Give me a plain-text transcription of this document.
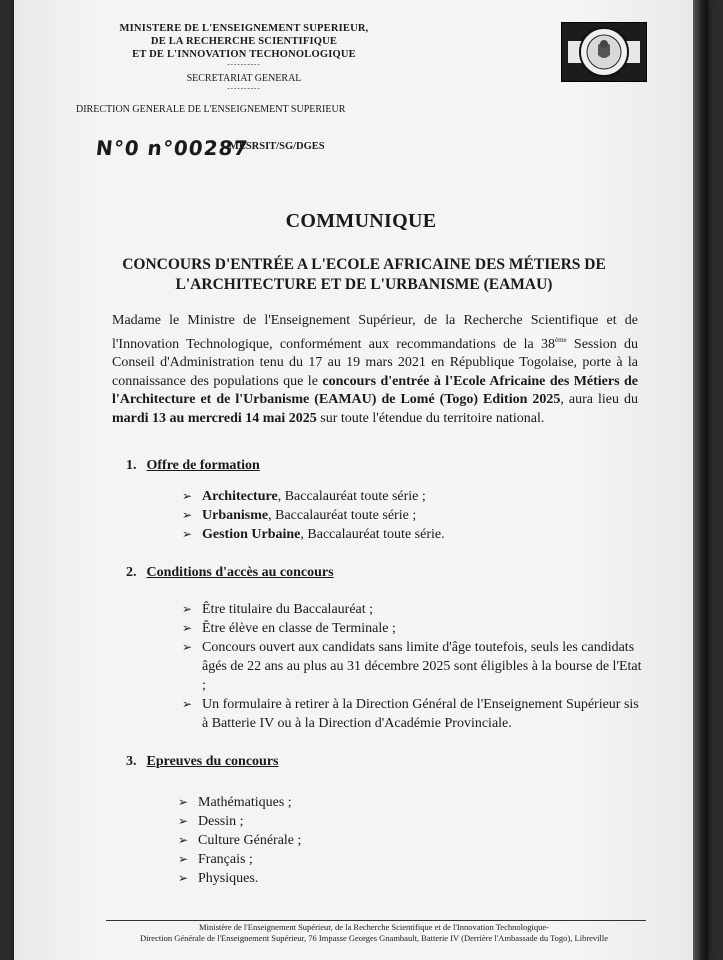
MINISTERE DE L'ENSEIGNEMENT SUPERIEUR,
DE LA RECHERCHE SCIENTIFIQUE
ET DE L'INNOVATION TECHONOLOGIQUE
----------
SECRETARIAT GENERAL
----------
DIRECTION GENERALE DE L'ENSEIGNEMENT SUPERIEUR
N°0 n°00287
/MESRSIT/SG/DGES
COMMUNIQUE
CONCOURS D'ENTRÉE A L'ECOLE AFRICAINE DES MÉTIERS DE
L'ARCHITECTURE ET DE L'URBANISME (EAMAU)
Madame le Ministre de l'Enseignement Supérieur, de la Recherche Scientifique et de l'Innovation Technologique, conformément aux recommandations de la 38ème Session du Conseil d'Administration tenu du 17 au 19 mars 2021 en République Togolaise, porte à la connaissance des populations que le concours d'entrée à l'Ecole Africaine des Métiers de l'Architecture et de l'Urbanisme (EAMAU) de Lomé (Togo) Edition 2025, aura lieu du mardi 13 au mercredi 14 mai 2025 sur toute l'étendue du territoire national.
1. Offre de formation
➢ Architecture, Baccalauréat toute série ;
➢ Urbanisme, Baccalauréat toute série ;
➢ Gestion Urbaine, Baccalauréat toute série.
2. Conditions d'accès au concours
➢ Être titulaire du Baccalauréat ;
➢ Être élève en classe de Terminale ;
➢ Concours ouvert aux candidats sans limite d'âge toutefois, seuls les candidats âgés de 22 ans au plus au 31 décembre 2025 sont éligibles à la bourse de l'Etat ;
➢ Un formulaire à retirer à la Direction Général de l'Enseignement Supérieur sis à Batterie IV ou à la Direction d'Académie Provinciale.
3. Epreuves du concours
➢ Mathématiques ;
➢ Dessin ;
➢ Culture Générale ;
➢ Français ;
➢ Physiques.
Ministère de l'Enseignement Supérieur, de la Recherche Scientifique et de l'Innovation Technologique-
Direction Générale de l'Enseignement Supérieur, 76 Impasse Georges Gnambault, Batterie IV (Derrière l'Ambassade du Togo), Libreville
